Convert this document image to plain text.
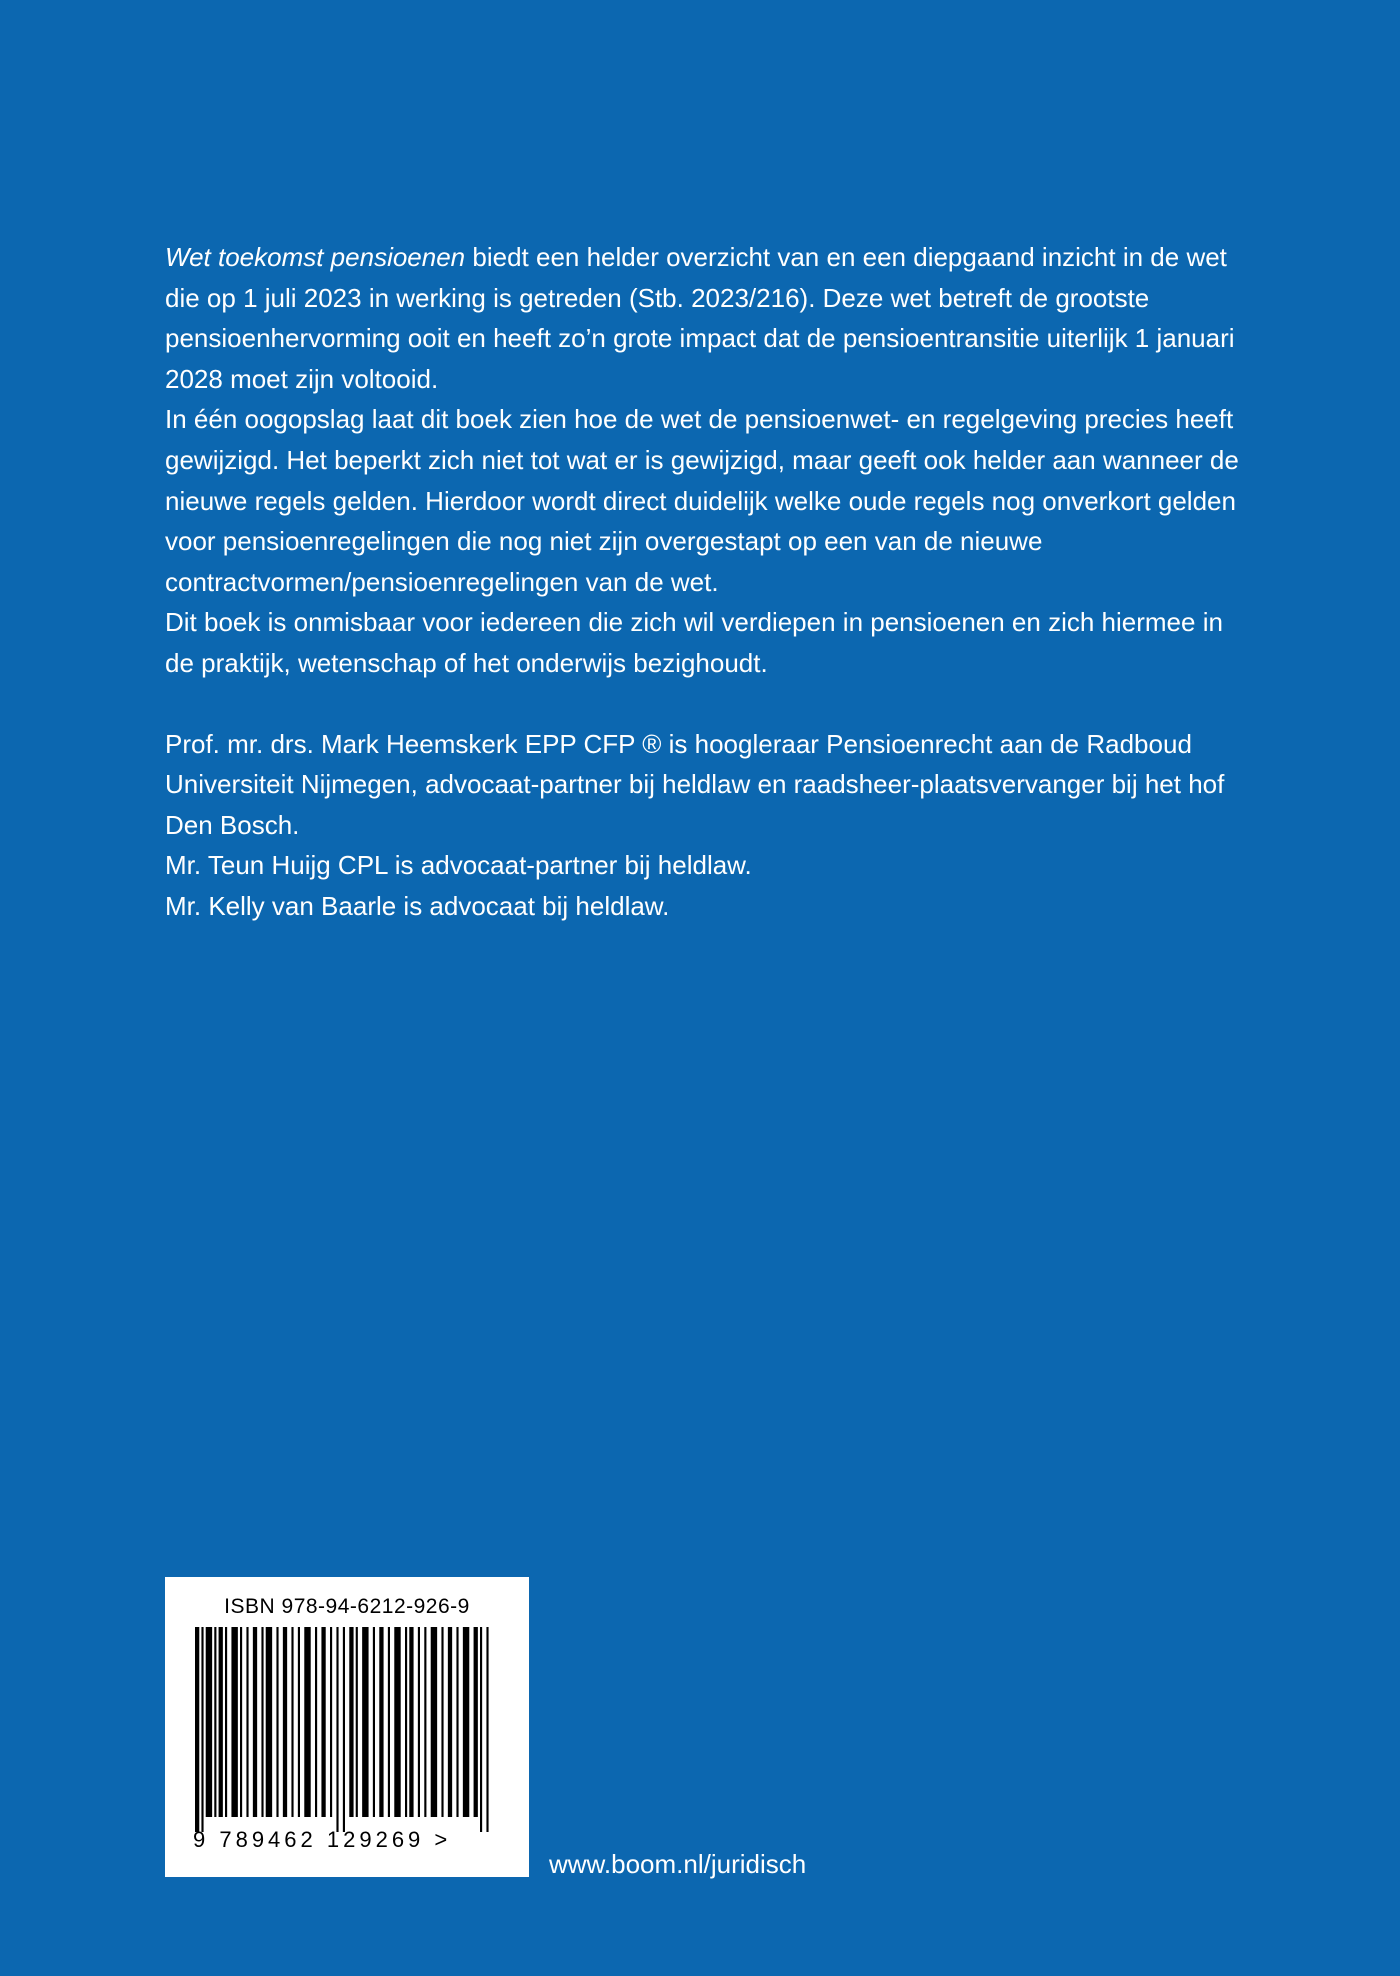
Wet toekomst pensioenen biedt een helder overzicht van en een diepgaand inzicht in de wet die op 1 juli 2023 in werking is getreden (Stb. 2023/216). Deze wet betreft de grootste pensioenhervorming ooit en heeft zo’n grote impact dat de pensioentransitie uiterlijk 1 januari 2028 moet zijn voltooid.

In één oogopslag laat dit boek zien hoe de wet de pensioenwet- en regelgeving precies heeft gewijzigd. Het beperkt zich niet tot wat er is gewijzigd, maar geeft ook helder aan wanneer de nieuwe regels gelden. Hierdoor wordt direct duidelijk welke oude regels nog onverkort gelden voor pensioenregelingen die nog niet zijn overgestapt op een van de nieuwe contractvormen/pensioenregelingen van de wet.

Dit boek is onmisbaar voor iedereen die zich wil verdiepen in pensioenen en zich hiermee in de praktijk, wetenschap of het onderwijs bezighoudt.

Prof. mr. drs. Mark Heemskerk EPP CFP ® is hoogleraar Pensioenrecht aan de Radboud Universiteit Nijmegen, advocaat-partner bij heldlaw en raadsheer-plaatsvervanger bij het hof Den Bosch.

Mr. Teun Huijg CPL is advocaat-partner bij heldlaw.

Mr. Kelly van Baarle is advocaat bij heldlaw.

ISBN 978-94-6212-926-9
9 789462 129269 >
www.boom.nl/juridisch
